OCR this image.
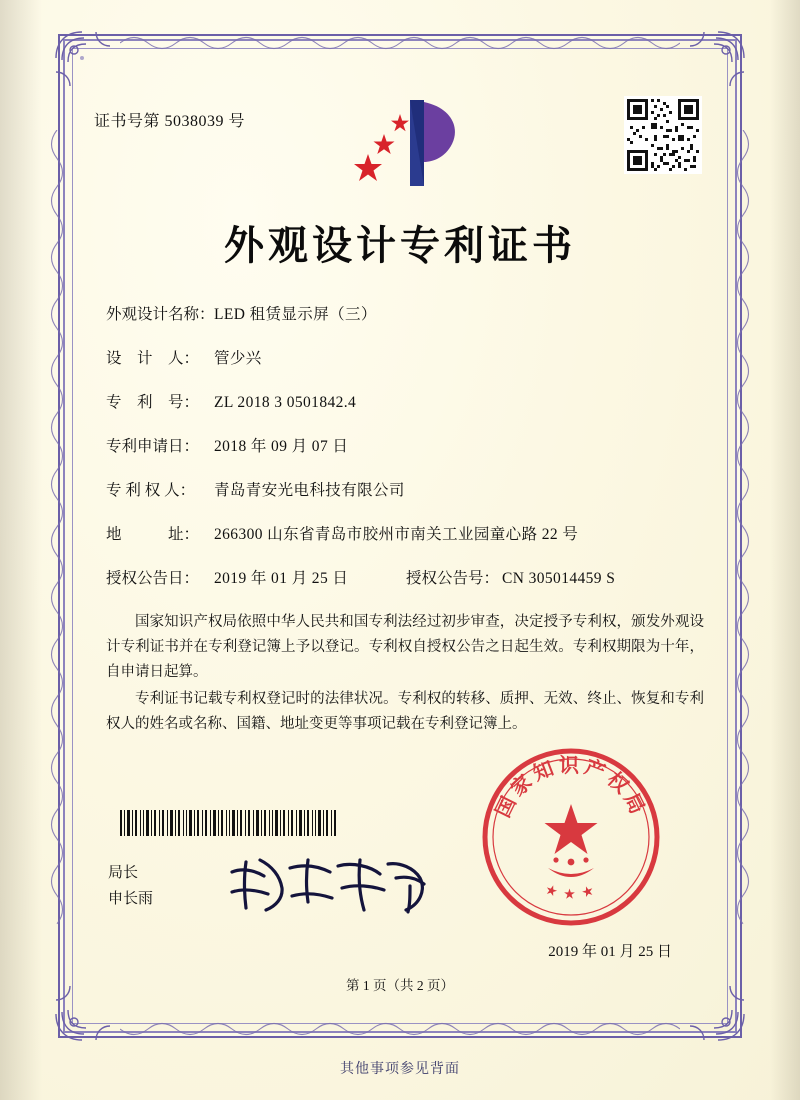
证书号第 5038039 号
外观设计专利证书
外观设计名称： LED 租赁显示屏（三）
设　计　人： 管少兴
专　利　号： ZL 2018 3 0501842.4
专利申请日： 2018 年 09 月 07 日
专 利 权 人：	青岛青安光电科技有限公司
地　　　址： 266300 山东省青岛市胶州市南关工业园童心路 22 号
授权公告日： 2019 年 01 月 25 日	授权公告号： CN 305014459 S

国家知识产权局依照中华人民共和国专利法经过初步审查，决定授予专利权，颁发外观设计专利证书并在专利登记簿上予以登记。专利权自授权公告之日起生效。专利权期限为十年，自申请日起算。

专利证书记载专利权登记时的法律状况。专利权的转移、质押、无效、终止、恢复和专利权人的姓名或名称、国籍、地址变更等事项记载在专利登记簿上。

局长
申长雨
国家知识产权局
★ ★ ★
2019 年 01 月 25 日
第 1 页（共 2 页）
其他事项参见背面
